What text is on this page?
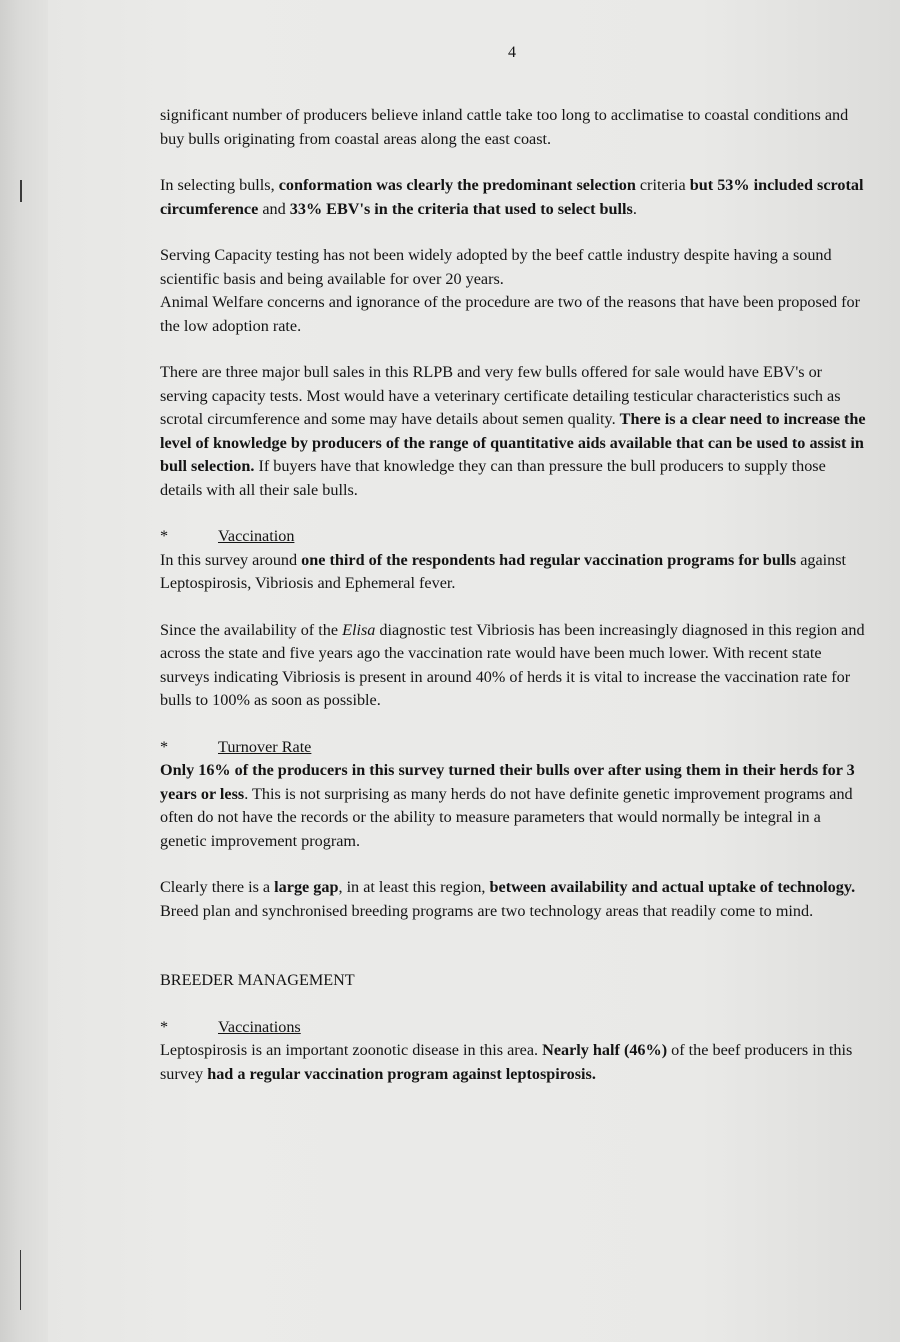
4

significant number of producers believe inland cattle take too long to acclimatise to coastal conditions and buy bulls originating from coastal areas along the east coast.

In selecting bulls, conformation was clearly the predominant selection criteria but 53% included scrotal circumference and 33% EBV's in the criteria that used to select bulls.

Serving Capacity testing has not been widely adopted by the beef cattle industry despite having a sound scientific basis and being available for over 20 years.

Animal Welfare concerns and ignorance of the procedure are two of the reasons that have been proposed for the low adoption rate.

There are three major bull sales in this RLPB and very few bulls offered for sale would have EBV's or serving capacity tests. Most would have a veterinary certificate detailing testicular characteristics such as scrotal circumference and some may have details about semen quality. There is a clear need to increase the level of knowledge by producers of the range of quantitative aids available that can be used to assist in bull selection. If buyers have that knowledge they can than pressure the bull producers to supply those details with all their sale bulls.

*	Vaccination

In this survey around one third of the respondents had regular vaccination programs for bulls against Leptospirosis, Vibriosis and Ephemeral fever.

Since the availability of the Elisa diagnostic test Vibriosis has been increasingly diagnosed in this region and across the state and five years ago the vaccination rate would have been much lower. With recent state surveys indicating Vibriosis is present in around 40% of herds it is vital to increase the vaccination rate for bulls to 100% as soon as possible.

*	Turnover Rate

Only 16% of the producers in this survey turned their bulls over after using them in their herds for 3 years or less. This is not surprising as many herds do not have definite genetic improvement programs and often do not have the records or the ability to measure parameters that would normally be integral in a genetic improvement program.

Clearly there is a large gap, in at least this region, between availability and actual uptake of technology. Breed plan and synchronised breeding programs are two technology areas that readily come to mind.

BREEDER MANAGEMENT

*	Vaccinations

Leptospirosis is an important zoonotic disease in this area. Nearly half (46%) of the beef producers in this survey had a regular vaccination program against leptospirosis.
